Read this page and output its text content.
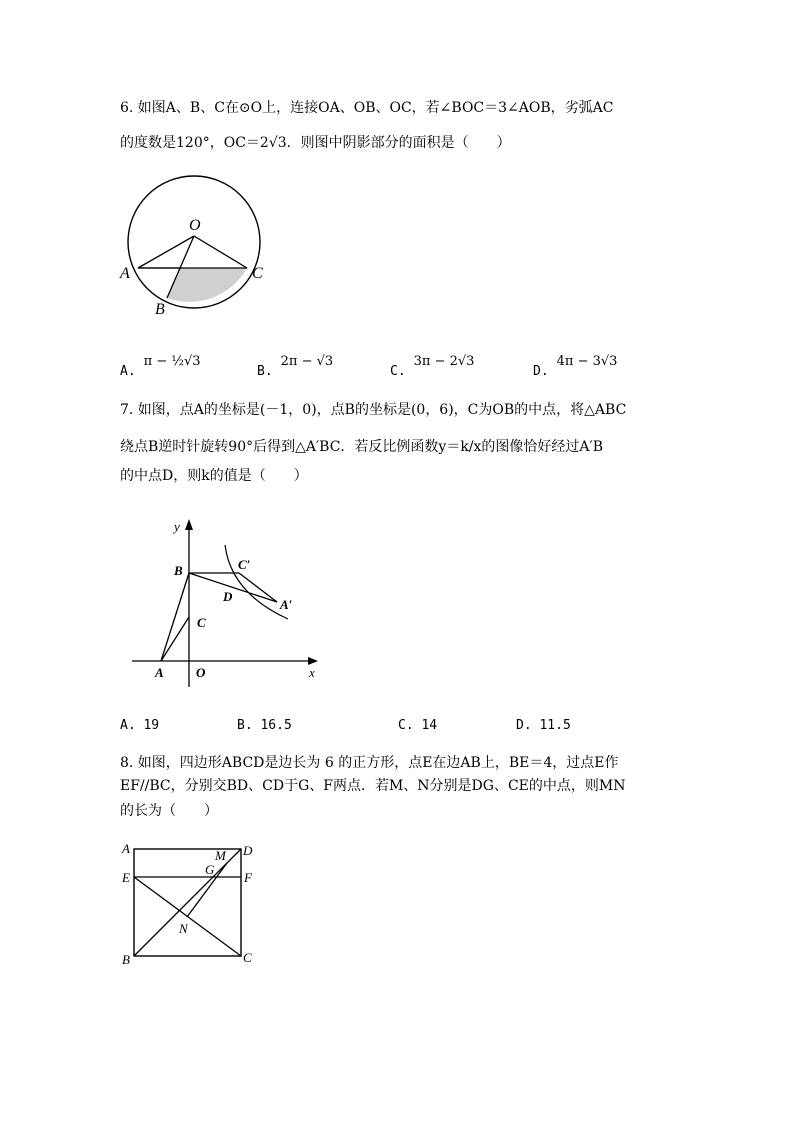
6. 如图A、B、C在⊙O上，连接OA、OB、OC，若∠BOC＝3∠AOB，劣弧AC
的度数是120°，OC＝2√3．则图中阴影部分的面积是（　　）
O
A	C
B
A.π − ½√3
B.2π − √3
C.3π − 2√3
D.4π − 3√3
7. 如图，点A的坐标是(－1，0)，点B的坐标是(0，6)，C为OB的中点，将△ABC
绕点B逆时针旋转90°后得到△A′BC．若反比例函数y＝k/x的图像恰好经过A′B
的中点D，则k的值是（　　）
y
x
B	C′
D
A′
C
A O
A. 19	B. 16.5	C. 14	D. 11.5
8. 如图，四边形ABCD是边长为 6 的正方形，点E在边AB上，BE＝4，过点E作
EF//BC，分别交BD、CD于G、F两点．若M、N分别是DG、CE的中点，则MN
的长为（　　）
A	D
M
G
E	F
N
B	C
